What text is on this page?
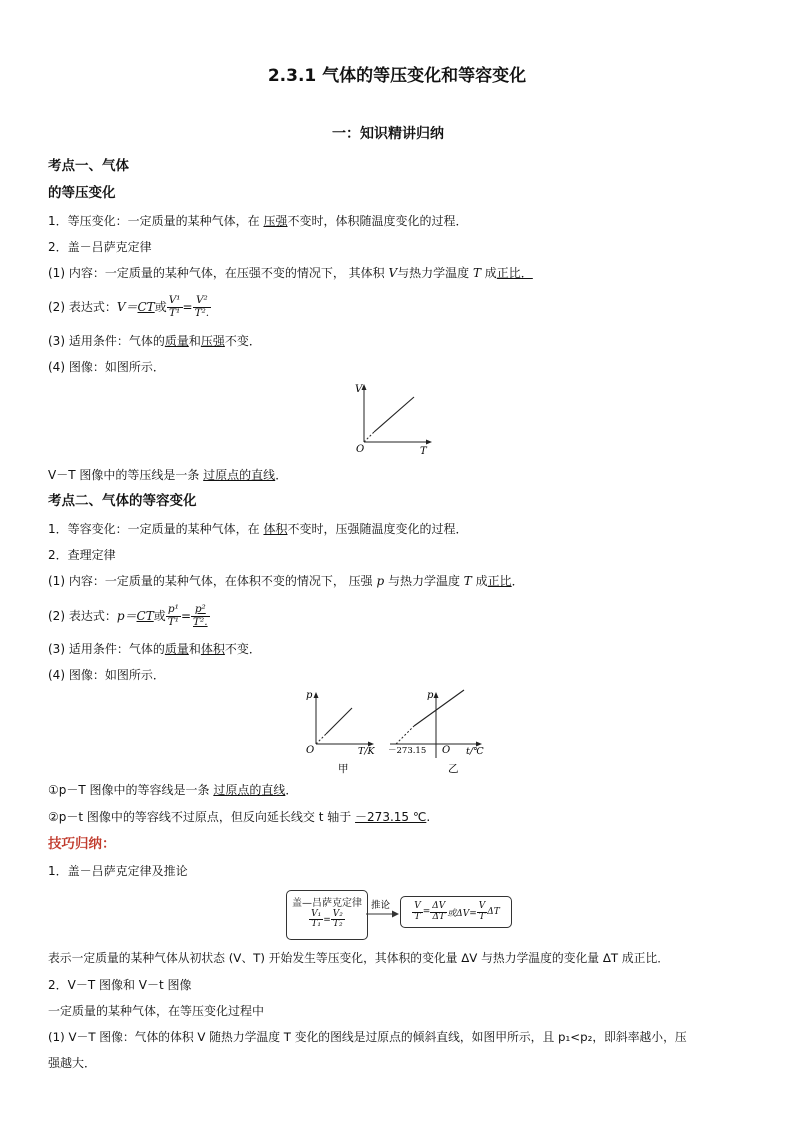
2.3.1 气体的等压变化和等容变化
一：知识精讲归纳
考点一、气体
的等压变化
1．等压变化：一定质量的某种气体，在 压强不变时，体积随温度变化的过程．
2．盖－吕萨克定律
(1) 内容：一定质量的某种气体，在压强不变的情况下， 其体积 V与热力学温度 T 成正比．
(2) 表达式： V＝ CT 或 $\frac{\text{V¹}}{\text{T¹}} = \frac{\text{V²}}{\text{T².}}$
(3) 适用条件：气体的质量和压强不变．
(4) 图像：如图所示．
V
T
O
V－T 图像中的等压线是一条 过原点的直线．
考点二、气体的等容变化
1．等容变化：一定质量的某种气体，在 体积不变时，压强随温度变化的过程．
2．查理定律
(1) 内容：一定质量的某种气体，在体积不变的情况下， 压强 p 与热力学温度 T 成正比．
(2) 表达式： p＝ CT 或 $\frac{\text{p¹}}{\text{T¹}} = \frac{\text{p²}}{\text{T².}}$
(3) 适用条件：气体的质量和体积不变．
(4) 图像：如图所示．
p
T/K
O
甲
p
t/℃
O
－273.15
乙
①p－T 图像中的等容线是一条 过原点的直线．
②p－t 图像中的等容线不过原点，但反向延长线交 t 轴于 －273.15 ℃.
技巧归纳：
1．盖－吕萨克定律及推论
盖—吕萨克定律
$\frac{\text{V₁}}{\text{T₁}} = \frac{\text{V₂}}{\text{T₂}}$
推论 $\frac{V}{T} = \frac{\Delta V}{\Delta T}$ 或$\Delta V= \frac{V}{T}$ ΔT
表示一定质量的某种气体从初状态 (V、T) 开始发生等压变化，其体积的变化量 ΔV 与热力学温度的变化量 ΔT 成正比．
2．V－T 图像和 V－t 图像
一定质量的某种气体，在等压变化过程中
(1) V－T 图像：气体的体积 V 随热力学温度 T 变化的图线是过原点的倾斜直线，如图甲所示，且 p₁<p₂，即斜率越小，压
强越大．
